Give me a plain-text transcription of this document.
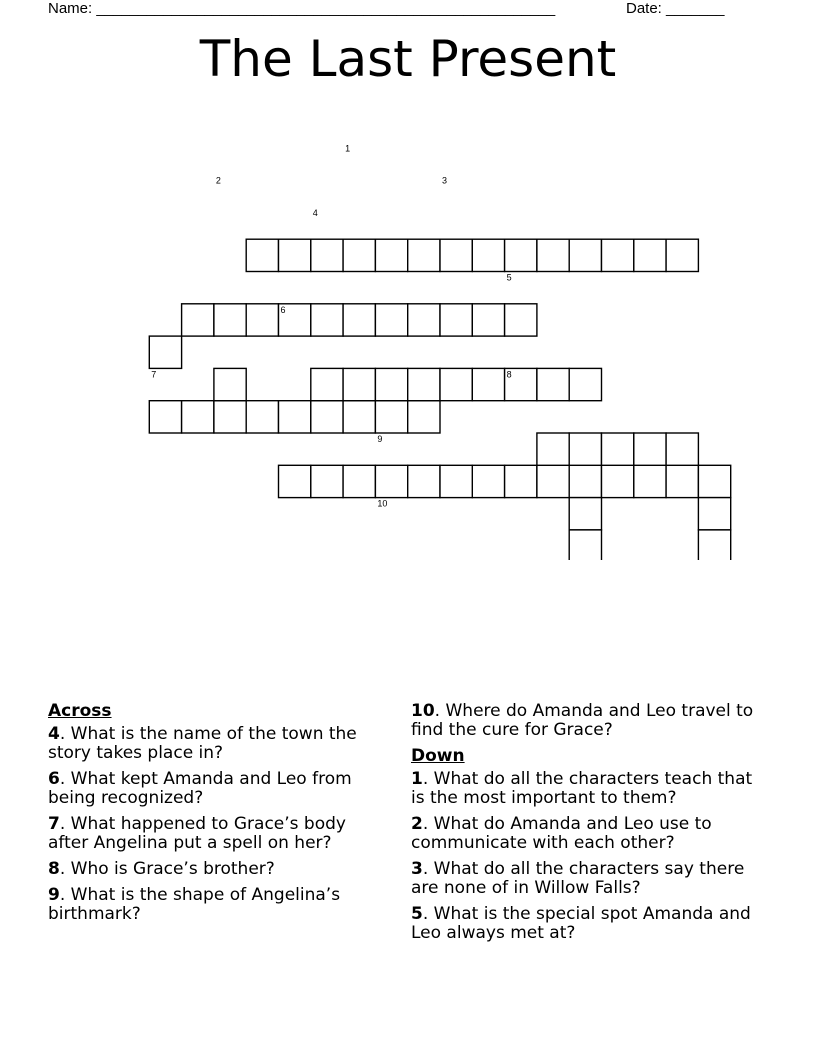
Name: _______________________________________________________	Date: _______
The Last Present
1
2	3
4
5
6
7	8
9
10
Across
4. What is the name of the town the story takes place in?
6. What kept Amanda and Leo from being recognized?
7. What happened to Grace’s body after Angelina put a spell on her?
8. Who is Grace’s brother?
9. What is the shape of Angelina’s birthmark?
10. Where do Amanda and Leo travel to find the cure for Grace?
Down
1. What do all the characters teach that is the most important to them?
2. What do Amanda and Leo use to communicate with each other?
3. What do all the characters say there are none of in Willow Falls?
5. What is the special spot Amanda and Leo always met at?
